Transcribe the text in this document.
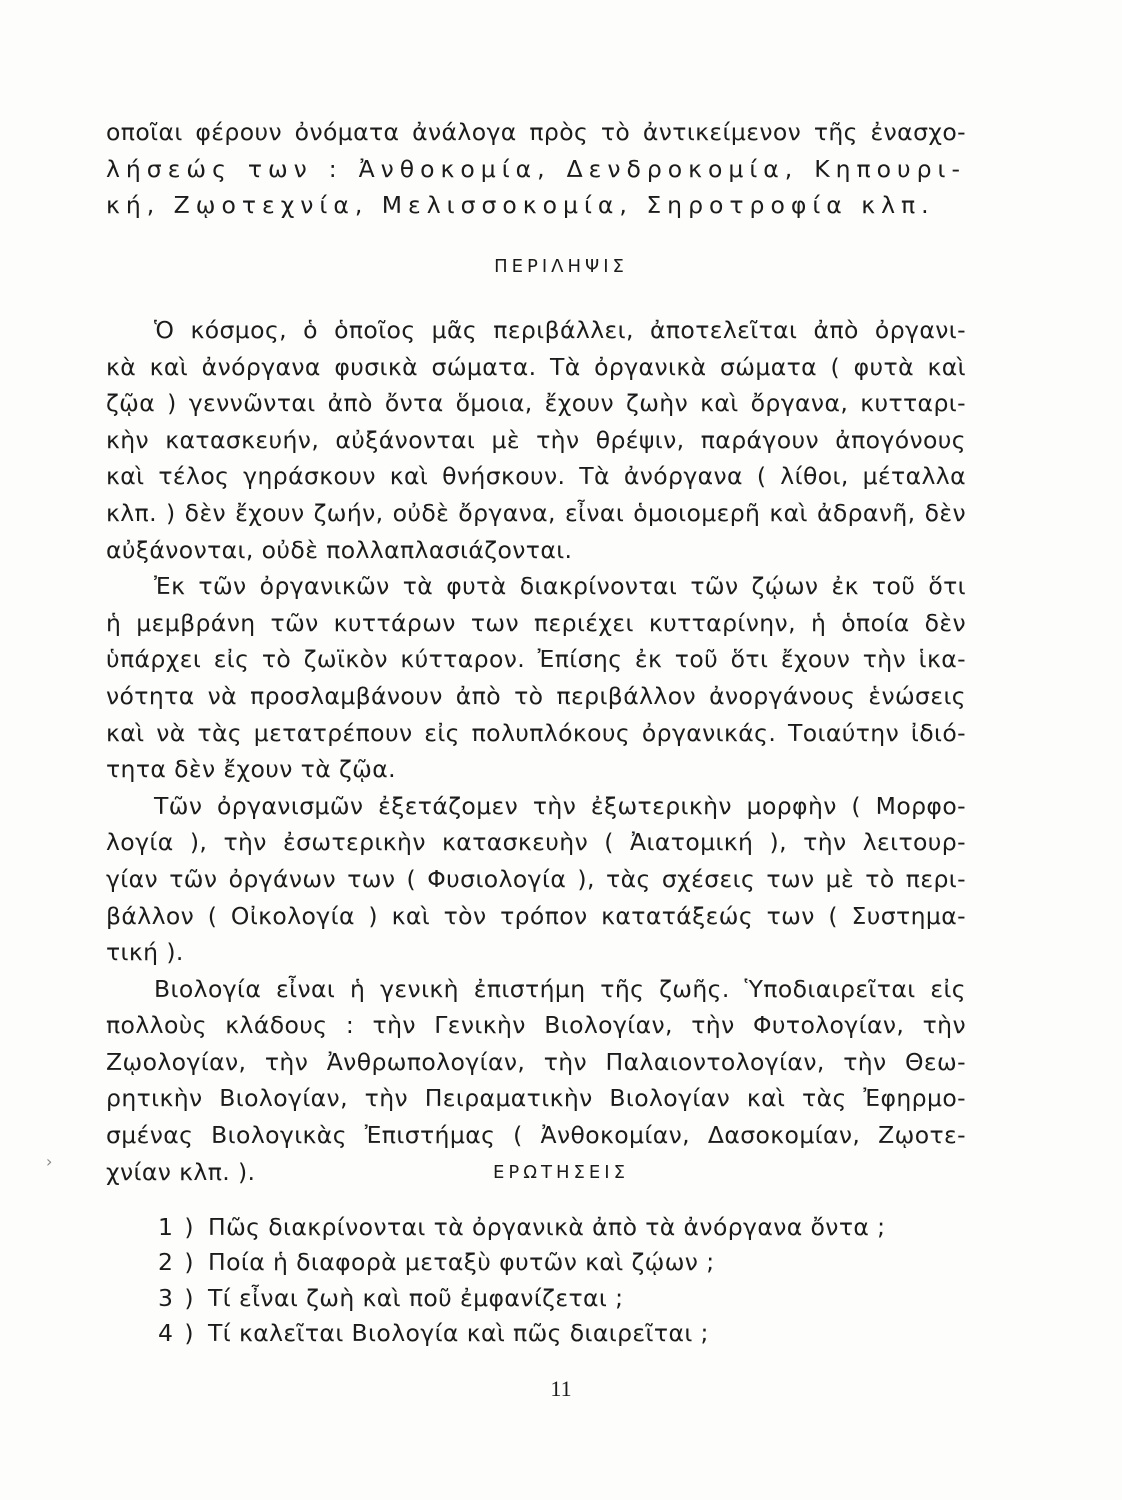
οποῖαι φέρουν ὀνόματα ἀνάλογα πρὸς τὸ ἀντικείμενον τῆς ἐνασχο-
λήσεώς των : Ἀνθοκομία, Δενδροκομία, Κηπουρι-
κή, Ζῳοτεχνία, Μελισσοκομία, Σηροτροφία κλπ.
ΠΕΡΙΛΗΨΙΣ
Ὁ κόσμος, ὁ ὁποῖος μᾶς περιβάλλει, ἀποτελεῖται ἀπὸ ὀργανι-
κὰ καὶ ἀνόργανα φυσικὰ σώματα. Τὰ ὀργανικὰ σώματα ( φυτὰ καὶ
ζῷα ) γεννῶνται ἀπὸ ὄντα ὅμοια, ἔχουν ζωὴν καὶ ὄργανα, κυτταρι-
κὴν κατασκευήν, αὐξάνονται μὲ τὴν θρέψιν, παράγουν ἀπογόνους
καὶ τέλος γηράσκουν καὶ θνήσκουν. Τὰ ἀνόργανα ( λίθοι, μέταλλα
κλπ. ) δὲν ἔχουν ζωήν, οὐδὲ ὄργανα, εἶναι ὁμοιομερῆ καὶ ἀδρανῆ, δὲν
αὐξάνονται, οὐδὲ πολλαπλασιάζονται.
Ἐκ τῶν ὀργανικῶν τὰ φυτὰ διακρίνονται τῶν ζῴων ἐκ τοῦ ὅτι
ἡ μεμβράνη τῶν κυττάρων των περιέχει κυτταρίνην, ἡ ὁποία δὲν
ὑπάρχει εἰς τὸ ζωϊκὸν κύτταρον. Ἐπίσης ἐκ τοῦ ὅτι ἔχουν τὴν ἱκα-
νότητα νὰ προσλαμβάνουν ἀπὸ τὸ περιβάλλον ἀνοργάνους ἑνώσεις
καὶ νὰ τὰς μετατρέπουν εἰς πολυπλόκους ὀργανικάς. Τοιαύτην ἰδιό-
τητα δὲν ἔχουν τὰ ζῷα.
Τῶν ὀργανισμῶν ἐξετάζομεν τὴν ἐξωτερικὴν μορφὴν ( Μορφο-
λογία ), τὴν ἐσωτερικὴν κατασκευὴν ( Ἀιατομική ), τὴν λειτουρ-
γίαν τῶν ὀργάνων των ( Φυσιολογία ), τὰς σχέσεις των μὲ τὸ περι-
βάλλον ( Οἰκολογία ) καὶ τὸν τρόπον κατατάξεώς των ( Συστημα-
τική ).
Βιολογία εἶναι ἡ γενικὴ ἐπιστήμη τῆς ζωῆς. Ὑποδιαιρεῖται εἰς
πολλοὺς κλάδους : τὴν Γενικὴν Βιολογίαν, τὴν Φυτολογίαν, τὴν
Ζῳολογίαν, τὴν Ἀνθρωπολογίαν, τὴν Παλαιοντολογίαν, τὴν Θεω-
ρητικὴν Βιολογίαν, τὴν Πειραματικὴν Βιολογίαν καὶ τὰς Ἐφηρμο-
σμένας Βιολογικὰς Ἐπιστήμας ( Ἀνθοκομίαν, Δασοκομίαν, Ζῳοτε-
χνίαν κλπ. ).
›
ΕΡΩΤΗΣΕΙΣ
1 ) Πῶς διακρίνονται τὰ ὀργανικὰ ἀπὸ τὰ ἀνόργανα ὄντα ;
2 ) Ποία ἡ διαφορὰ μεταξὺ φυτῶν καὶ ζῴων ;
3 ) Τί εἶναι ζωὴ καὶ ποῦ ἐμφανίζεται ;
4 ) Τί καλεῖται Βιολογία καὶ πῶς διαιρεῖται ;
11
